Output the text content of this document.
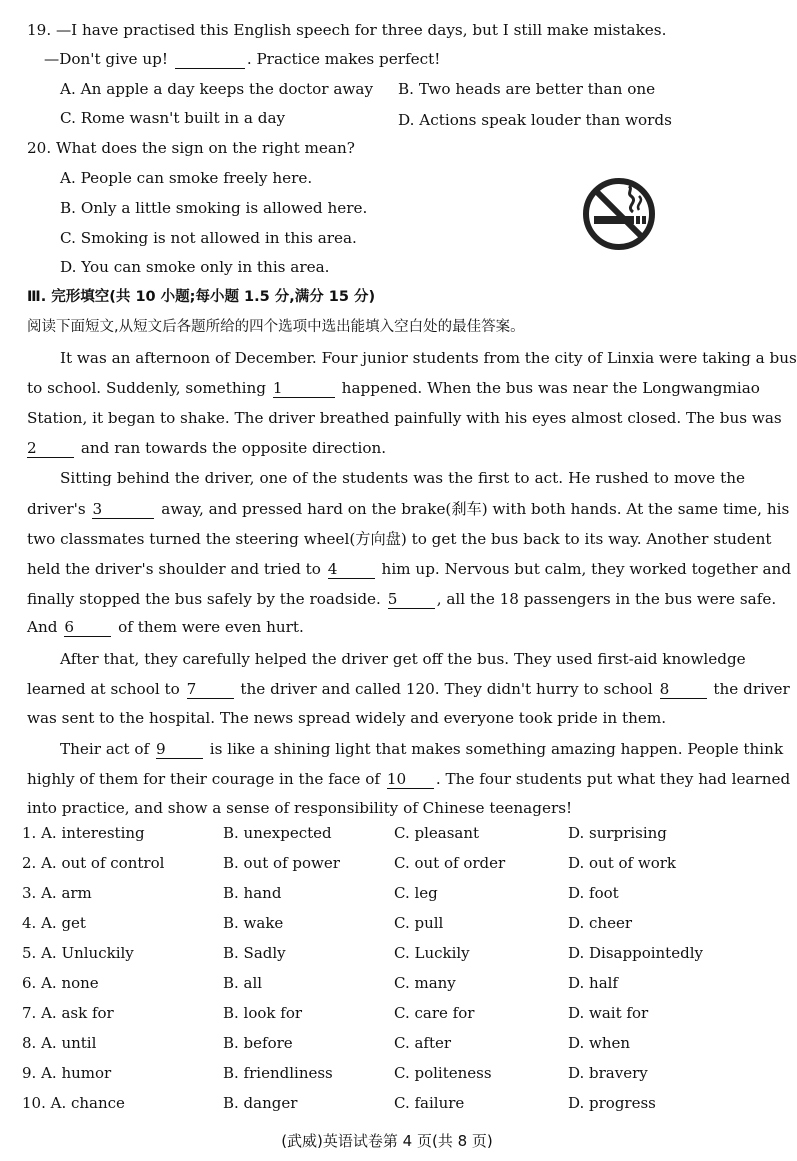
19. —I have practised this English speech for three days, but I still make mistakes.
—Don't give up!	. Practice makes perfect!
A. An apple a day keeps the doctor away B. Two heads are better than one
C. Rome wasn't built in a day	D. Actions speak louder than words
20. What does the sign on the right mean?
A. People can smoke freely here.
B. Only a little smoking is allowed here.
C. Smoking is not allowed in this area.
D. You can smoke only in this area.
Ⅲ. 完形填空(共 10 小题;每小题 1.5 分,满分 15 分)
阅读下面短文,从短文后各题所给的四个选项中选出能填入空白处的最佳答案。
It was an afternoon of December. Four junior students from the city of Linxia were taking a bus
to school. Suddenly, something 1	happened. When the bus was near the Longwangmiao
Station, it began to shake. The driver breathed painfully with his eyes almost closed. The bus was
2	and ran towards the opposite direction.
Sitting behind the driver, one of the students was the first to act. He rushed to move the
driver's 3	away, and pressed hard on the brake(刹车) with both hands. At the same time, his
two classmates turned the steering wheel(方向盘) to get the bus back to its way. Another student
held the driver's shoulder and tried to 4	him up. Nervous but calm, they worked together and
finally stopped the bus safely by the roadside. 5	, all the 18 passengers in the bus were safe.
And 6	of them were even hurt.
After that, they carefully helped the driver get off the bus. They used first-aid knowledge
learned at school to 7	the driver and called 120. They didn't hurry to school 8	the driver
was sent to the hospital. The news spread widely and everyone took pride in them.
Their act of 9	is like a shining light that makes something amazing happen. People think
highly of them for their courage in the face of 10 . The four students put what they had learned
into practice, and show a sense of responsibility of Chinese teenagers!
1. A. interesting	B. unexpected	C. pleasant	D. surprising
2. A. out of control	B. out of power	C. out of order	D. out of work
3. A. arm	B. hand	C. leg	D. foot
4. A. get	B. wake	C. pull	D. cheer
5. A. Unluckily	B. Sadly	C. Luckily	D. Disappointedly
6. A. none	B. all	C. many	D. half
7. A. ask for	B. look for	C. care for	D. wait for
8. A. until	B. before	C. after	D. when
9. A. humor	B. friendliness	C. politeness	D. bravery
10. A. chance	B. danger	C. failure	D. progress
(武威)英语试卷第 4 页(共 8 页)
